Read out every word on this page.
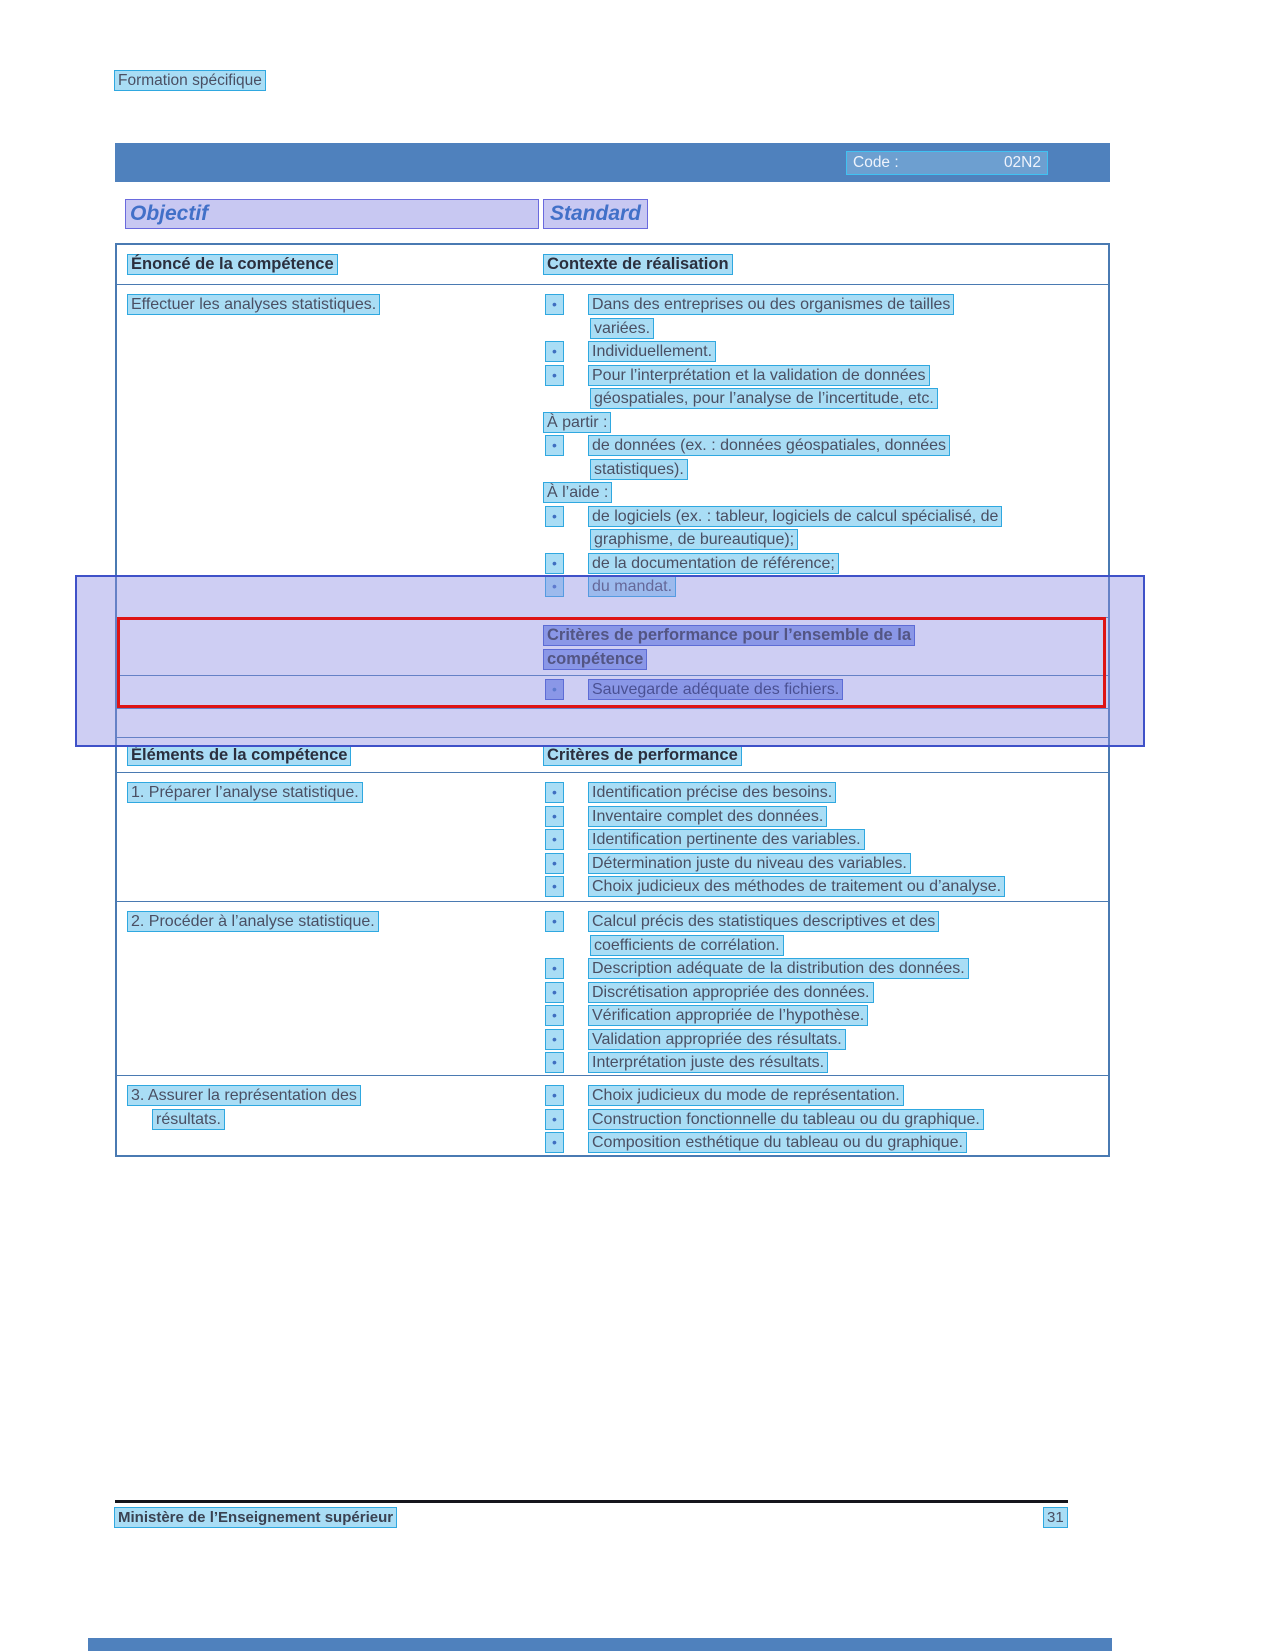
Formation spécifique
Code :	02N2
Objectif	Standard
Énoncé de la compétence	Contexte de réalisation
Effectuer les analyses statistiques.	•	Dans des entreprises ou des organismes de tailles
variées.
•	Individuellement.
•	Pour l’interprétation et la validation de données
géospatiales, pour l’analyse de l’incertitude, etc.
À partir :
•	de données (ex. : données géospatiales, données
statistiques).
À l’aide :
•	de logiciels (ex. : tableur, logiciels de calcul spécialisé, de
graphisme, de bureautique);
•	de la documentation de référence;
•	du mandat.
Critères de performance pour l’ensemble de la
compétence
•	Sauvegarde adéquate des fichiers.
Éléments de la compétence	Critères de performance
1. Préparer l’analyse statistique.	•	Identification précise des besoins.
•	Inventaire complet des données.
•	Identification pertinente des variables.
•	Détermination juste du niveau des variables.
•	Choix judicieux des méthodes de traitement ou d’analyse.
2. Procéder à l’analyse statistique.	•	Calcul précis des statistiques descriptives et des
coefficients de corrélation.
•	Description adéquate de la distribution des données.
•	Discrétisation appropriée des données.
•	Vérification appropriée de l’hypothèse.
•	Validation appropriée des résultats.
•	Interprétation juste des résultats.
3. Assurer la représentation des
résultats.
•	Choix judicieux du mode de représentation.
•	Construction fonctionnelle du tableau ou du graphique.
•	Composition esthétique du tableau ou du graphique.
Ministère de l’Enseignement supérieur	31
